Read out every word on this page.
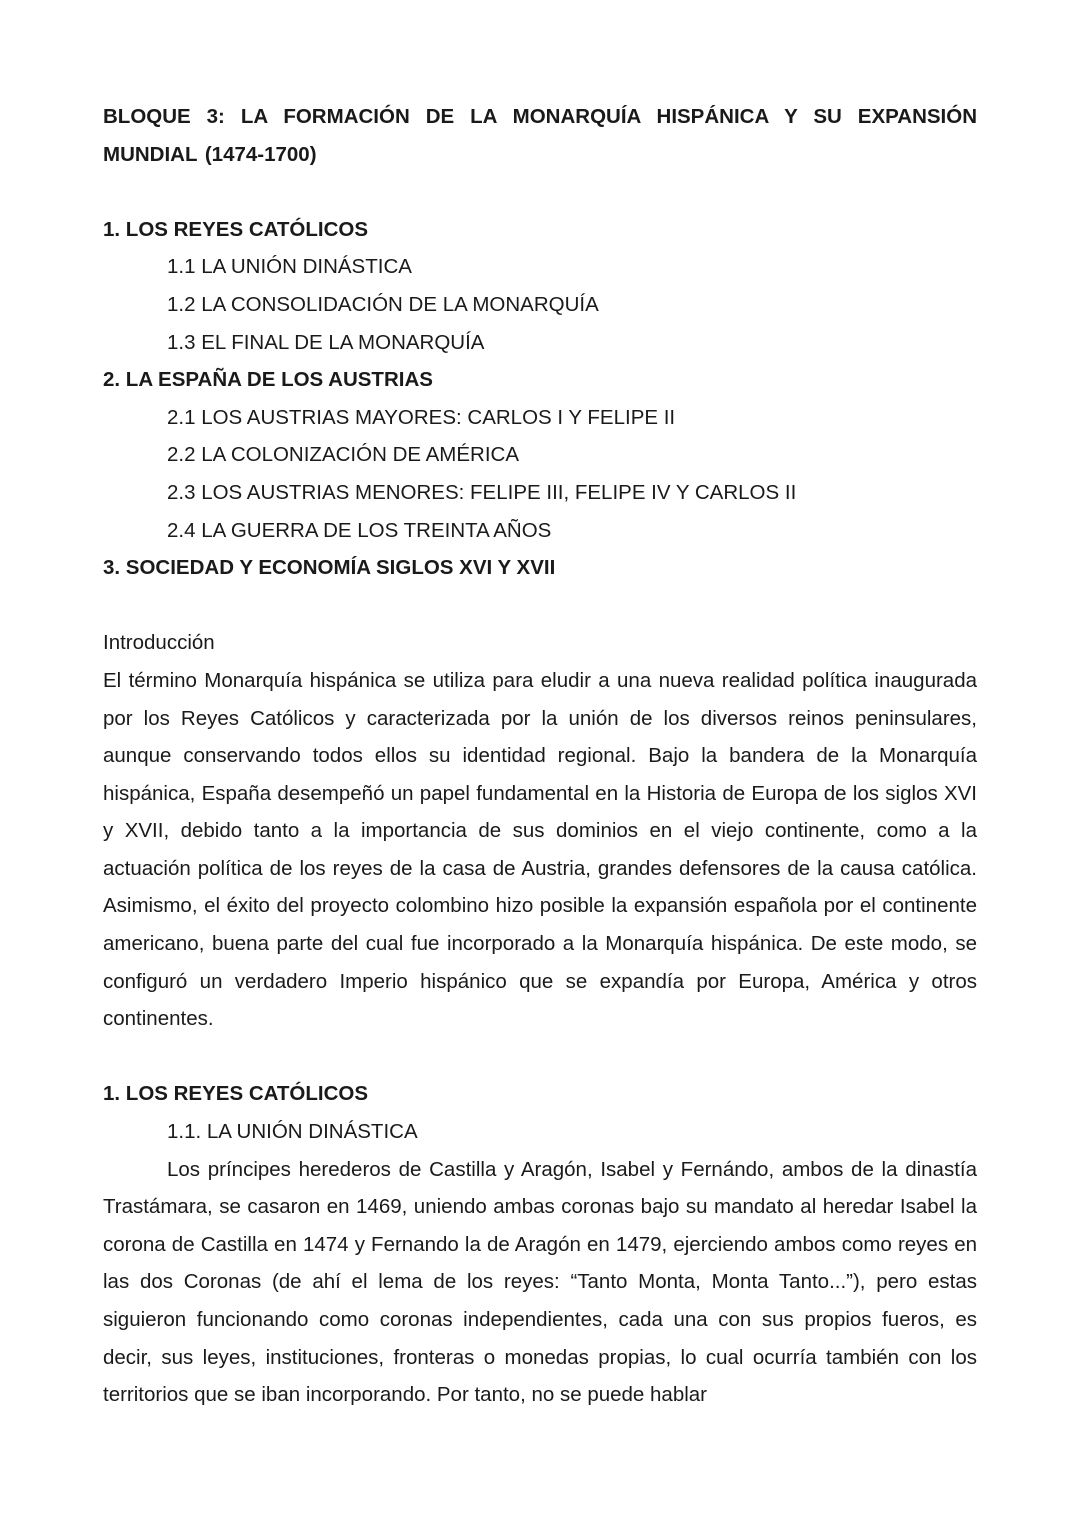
BLOQUE 3: LA FORMACIÓN DE LA MONARQUÍA HISPÁNICA Y SU EXPANSIÓN MUNDIAL (1474-1700)

1. LOS REYES CATÓLICOS

1.1 LA UNIÓN DINÁSTICA

1.2 LA CONSOLIDACIÓN DE LA MONARQUÍA

1.3 EL FINAL DE LA MONARQUÍA

2. LA ESPAÑA DE LOS AUSTRIAS

2.1 LOS AUSTRIAS MAYORES: CARLOS I Y FELIPE II

2.2 LA COLONIZACIÓN DE AMÉRICA

2.3 LOS AUSTRIAS MENORES: FELIPE III, FELIPE IV Y CARLOS II

2.4 LA GUERRA DE LOS TREINTA AÑOS

3. SOCIEDAD Y ECONOMÍA SIGLOS XVI Y XVII

Introducción

El término Monarquía hispánica se utiliza para eludir a una nueva realidad política inaugurada por los Reyes Católicos y caracterizada por la unión de los diversos reinos peninsulares, aunque conservando todos ellos su identidad regional. Bajo la bandera de la Monarquía hispánica, España desempeñó un papel fundamental en la Historia de Europa de los siglos XVI y XVII, debido tanto a la importancia de sus dominios en el viejo continente, como a la actuación política de los reyes de la casa de Austria, grandes defensores de la causa católica. Asimismo, el éxito del proyecto colombino hizo posible la expansión española por el continente americano, buena parte del cual fue incorporado a la Monarquía hispánica. De este modo, se configuró un verdadero Imperio hispánico que se expandía por Europa, América y otros continentes.

1. LOS REYES CATÓLICOS

1.1. LA UNIÓN DINÁSTICA

Los príncipes herederos de Castilla y Aragón, Isabel y Fernándo, ambos de la dinastía Trastámara, se casaron en 1469, uniendo ambas coronas bajo su mandato al heredar Isabel la corona de Castilla en 1474 y Fernando la de Aragón en 1479, ejerciendo ambos como reyes en las dos Coronas (de ahí el lema de los reyes: “Tanto Monta, Monta Tanto...”), pero estas siguieron funcionando como coronas independientes, cada una con sus propios fueros, es decir, sus leyes, instituciones, fronteras o monedas propias, lo cual ocurría también con los territorios que se iban incorporando. Por tanto, no se puede hablar
